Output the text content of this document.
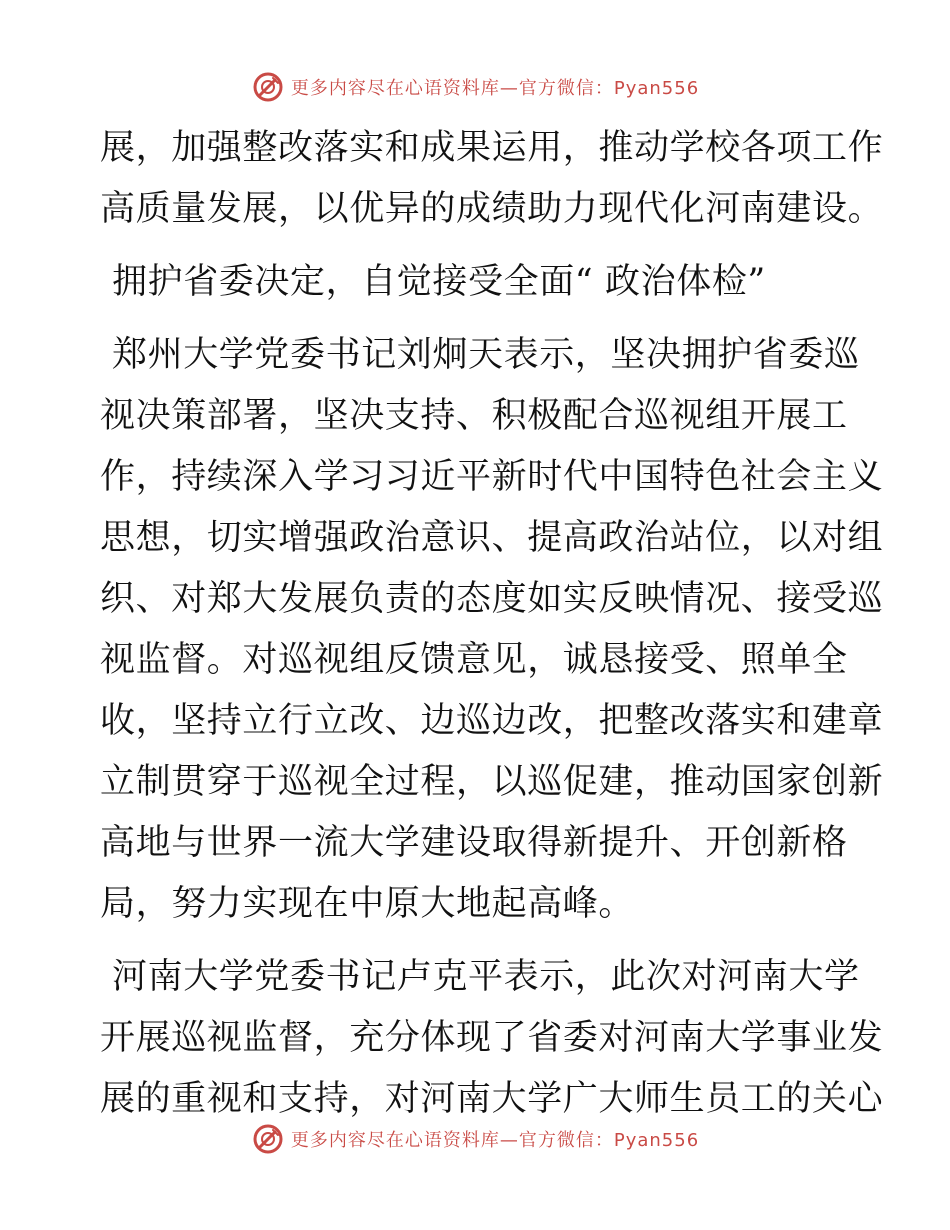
更多内容尽在心语资料库—官方微信：Pyan556
展，加强整改落实和成果运用，推动学校各项工作
高质量发展，以优异的成绩助力现代化河南建设。
拥护省委决定，自觉接受全面“ 政治体检”
郑州大学党委书记刘炯天表示，坚决拥护省委巡
视决策部署，坚决支持、积极配合巡视组开展工
作，持续深入学习习近平新时代中国特色社会主义
思想，切实增强政治意识、提高政治站位，以对组
织、对郑大发展负责的态度如实反映情况、接受巡
视监督。对巡视组反馈意见，诚恳接受、照单全
收，坚持立行立改、边巡边改，把整改落实和建章
立制贯穿于巡视全过程，以巡促建，推动国家创新
高地与世界一流大学建设取得新提升、开创新格
局，努力实现在中原大地起高峰。
河南大学党委书记卢克平表示，此次对河南大学
开展巡视监督，充分体现了省委对河南大学事业发
展的重视和支持，对河南大学广大师生员工的关心
更多内容尽在心语资料库—官方微信：Pyan556
